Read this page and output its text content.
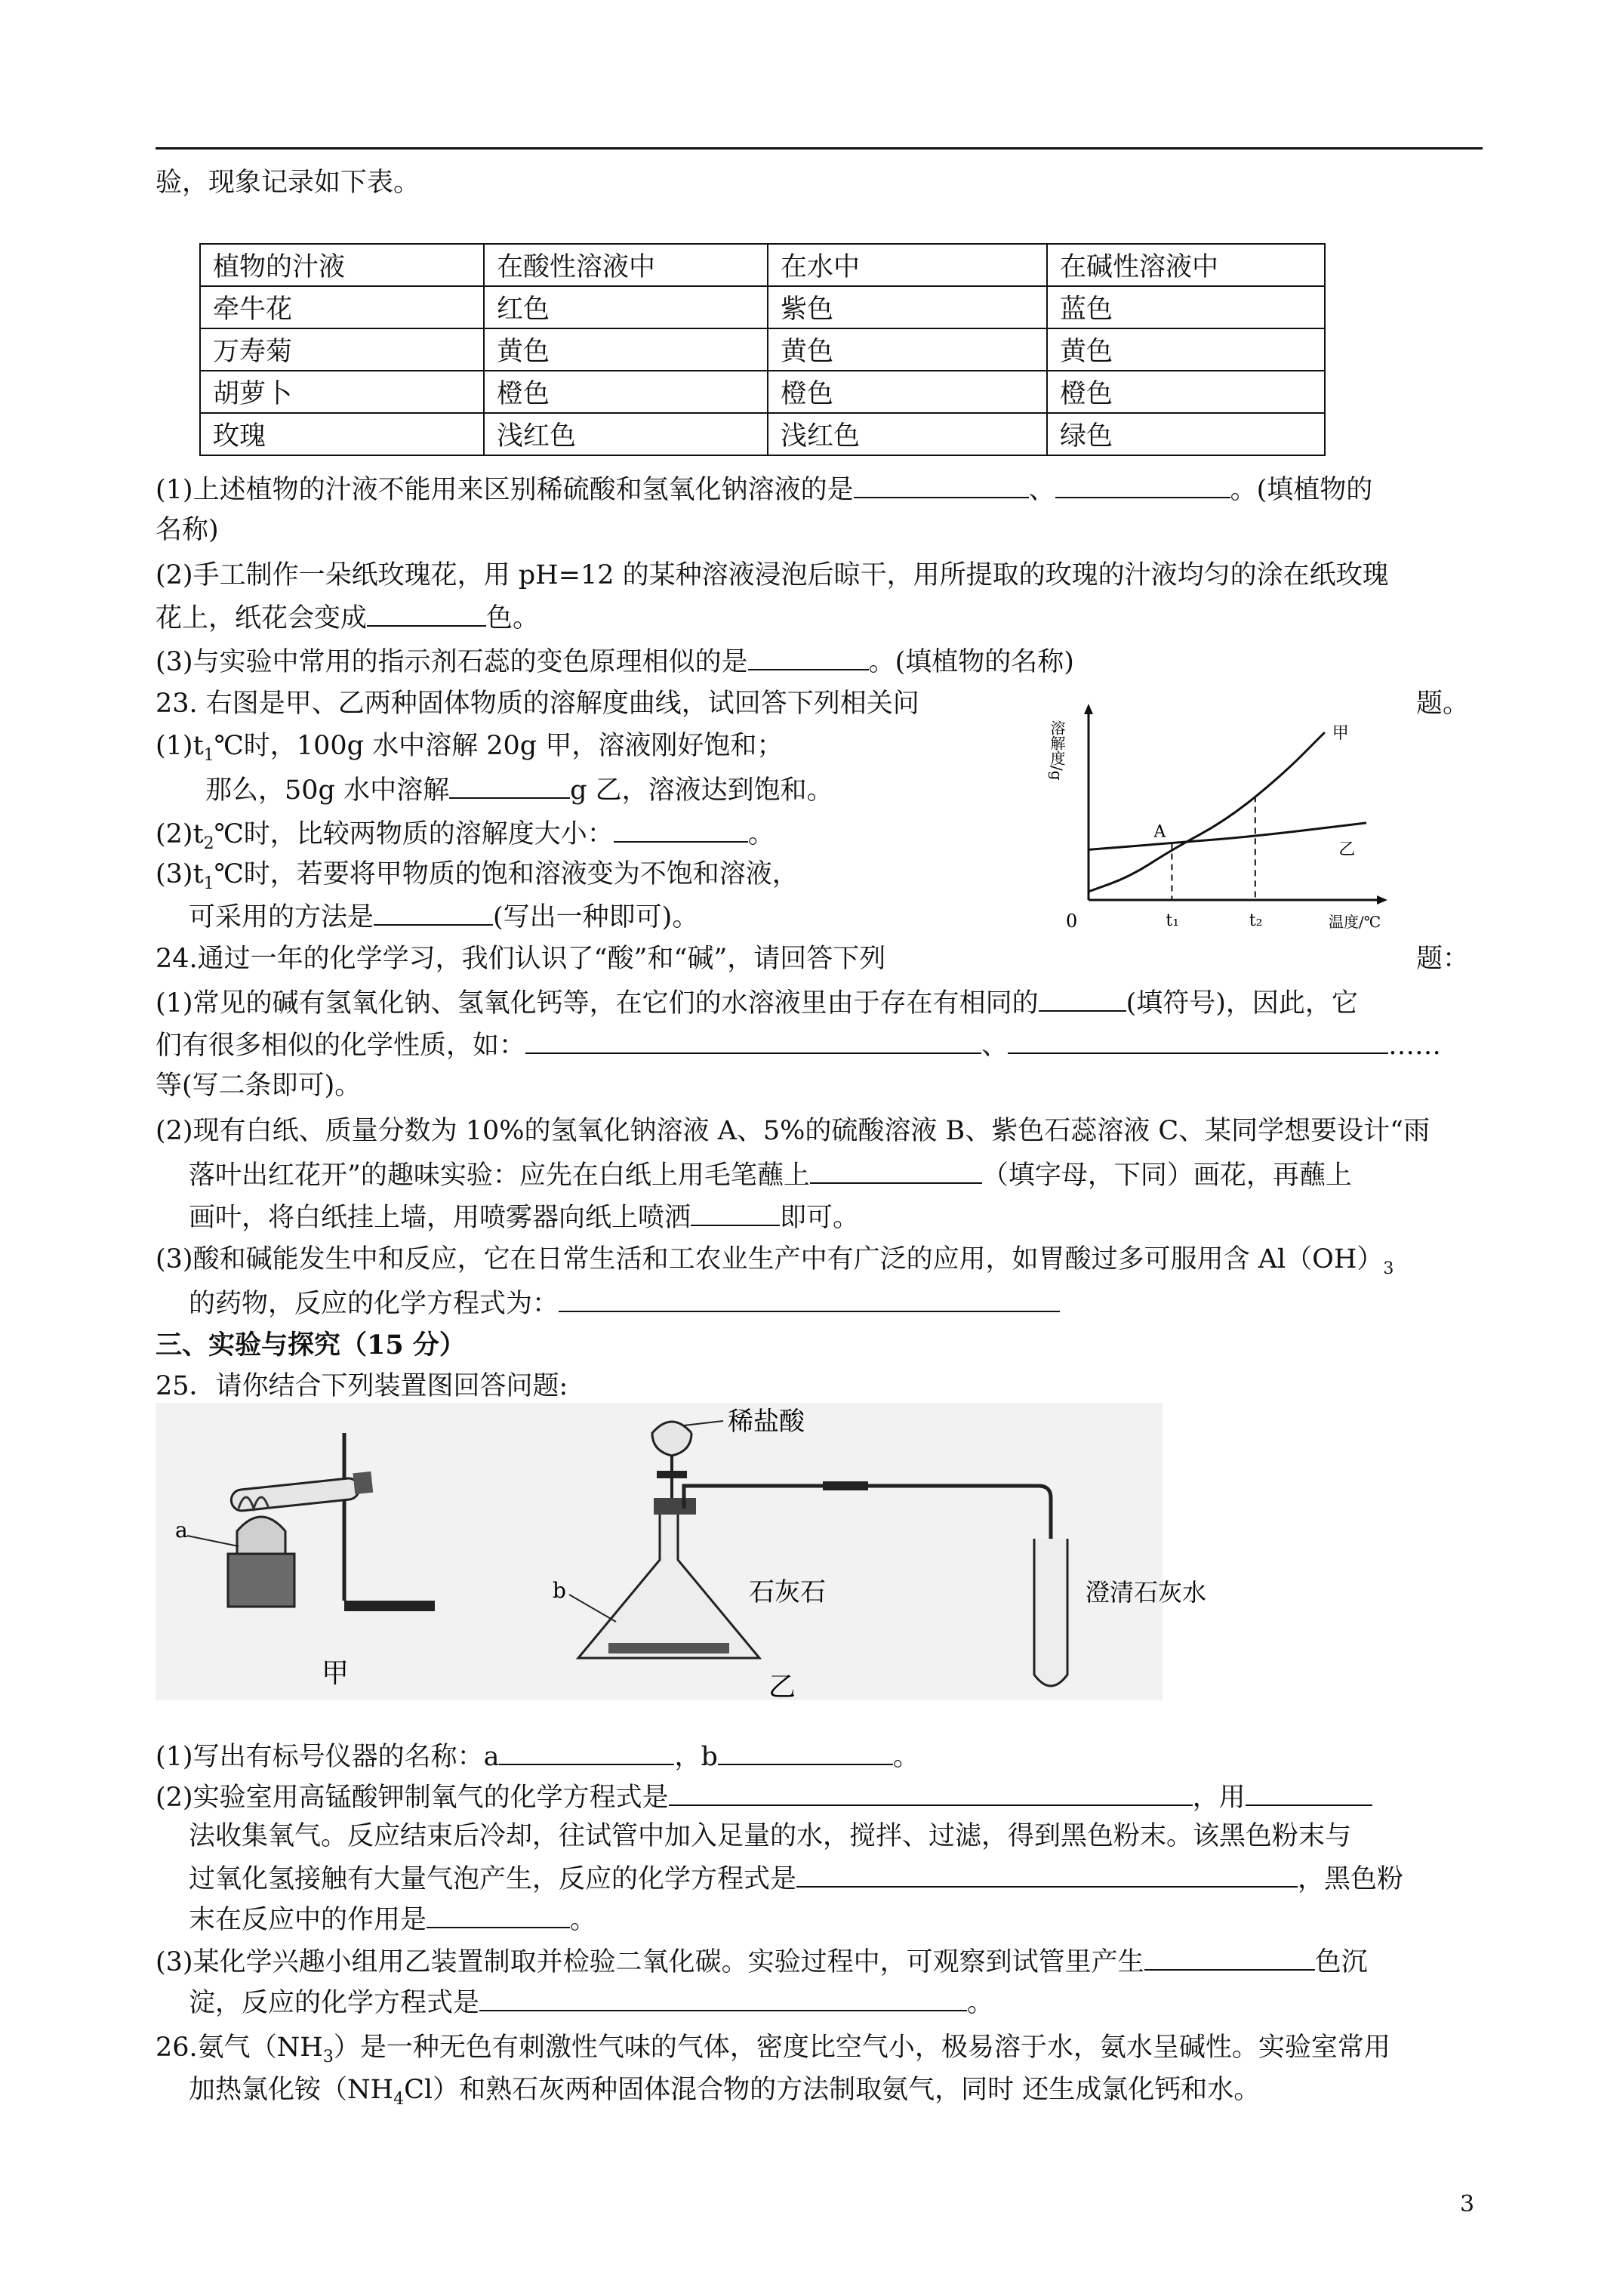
验，现象记录如下表。
植物的汁液	在酸性溶液中	在水中	在碱性溶液中
牵牛花	红色	紫色	蓝色
万寿菊	黄色	黄色	黄色
胡萝卜	橙色	橙色	橙色
玫瑰	浅红色	浅红色	绿色
(1)上述植物的汁液不能用来区别稀硫酸和氢氧化钠溶液的是	、	。(填植物的
名称)
(2)手工制作一朵纸玫瑰花，用 pH=12 的某种溶液浸泡后晾干，用所提取的玫瑰的汁液均匀的涂在纸玫瑰
花上，纸花会变成	色。
(3)与实验中常用的指示剂石蕊的变色原理相似的是	。(填植物的名称)
23. 右图是甲、乙两种固体物质的溶解度曲线，试回答下列相关问	题。
$(1)t_1℃$时，100g 水中溶解 20g 甲，溶液刚好饱和；
那么，50g 水中溶解	g 乙，溶液达到饱和。
$(2)t_2℃$时，比较两物质的溶解度大小：	。
$(3)t_1℃$时，若要将甲物质的饱和溶液变为不饱和溶液，
可采用的方法是	(写出一种即可)。
溶解度/g
0	温度/℃
t₁	t₂
甲
乙
A
24.通过一年的化学学习，我们认识了“酸”和“碱”，请回答下列	题：
(1)常见的碱有氢氧化钠、氢氧化钙等，在它们的水溶液里由于存在有相同的	(填符号)，因此，它
们有很多相似的化学性质，如：	、	……
等(写二条即可)。
(2)现有白纸、质量分数为 10%的氢氧化钠溶液 A、5%的硫酸溶液 B、紫色石蕊溶液 C、某同学想要设计“雨
落叶出红花开”的趣味实验：应先在白纸上用毛笔蘸上	（填字母，下同）画花，再蘸上
画叶，将白纸挂上墙，用喷雾器向纸上喷洒	即可。
(3)酸和碱能发生中和反应，它在日常生活和工农业生产中有广泛的应用，如胃酸过多可服用含 $Al(OH)_3$
的药物，反应的化学方程式为：
三、实验与探究（15 分）
25．请你结合下列装置图回答问题:
a
甲
稀盐酸
b	石灰石	澄清石灰水
乙
(1)写出有标号仪器的名称：a	，b	。
(2)实验室用高锰酸钾制氧气的化学方程式是	，用
法收集氧气。反应结束后冷却，往试管中加入足量的水，搅拌、过滤，得到黑色粉末。该黑色粉末与
过氧化氢接触有大量气泡产生，反应的化学方程式是	，黑色粉
末在反应中的作用是	。
(3)某化学兴趣小组用乙装置制取并检验二氧化碳。实验过程中，可观察到试管里产生	色沉
淀，反应的化学方程式是	。
26.氨气$(NH_3)$是一种无色有刺激性气味的气体，密度比空气小，极易溶于水，氨水呈碱性。实验室常用
加热氯化铵$(NH_4Cl)$和熟石灰两种固体混合物的方法制取氨气，同时 还生成氯化钙和水。
3
